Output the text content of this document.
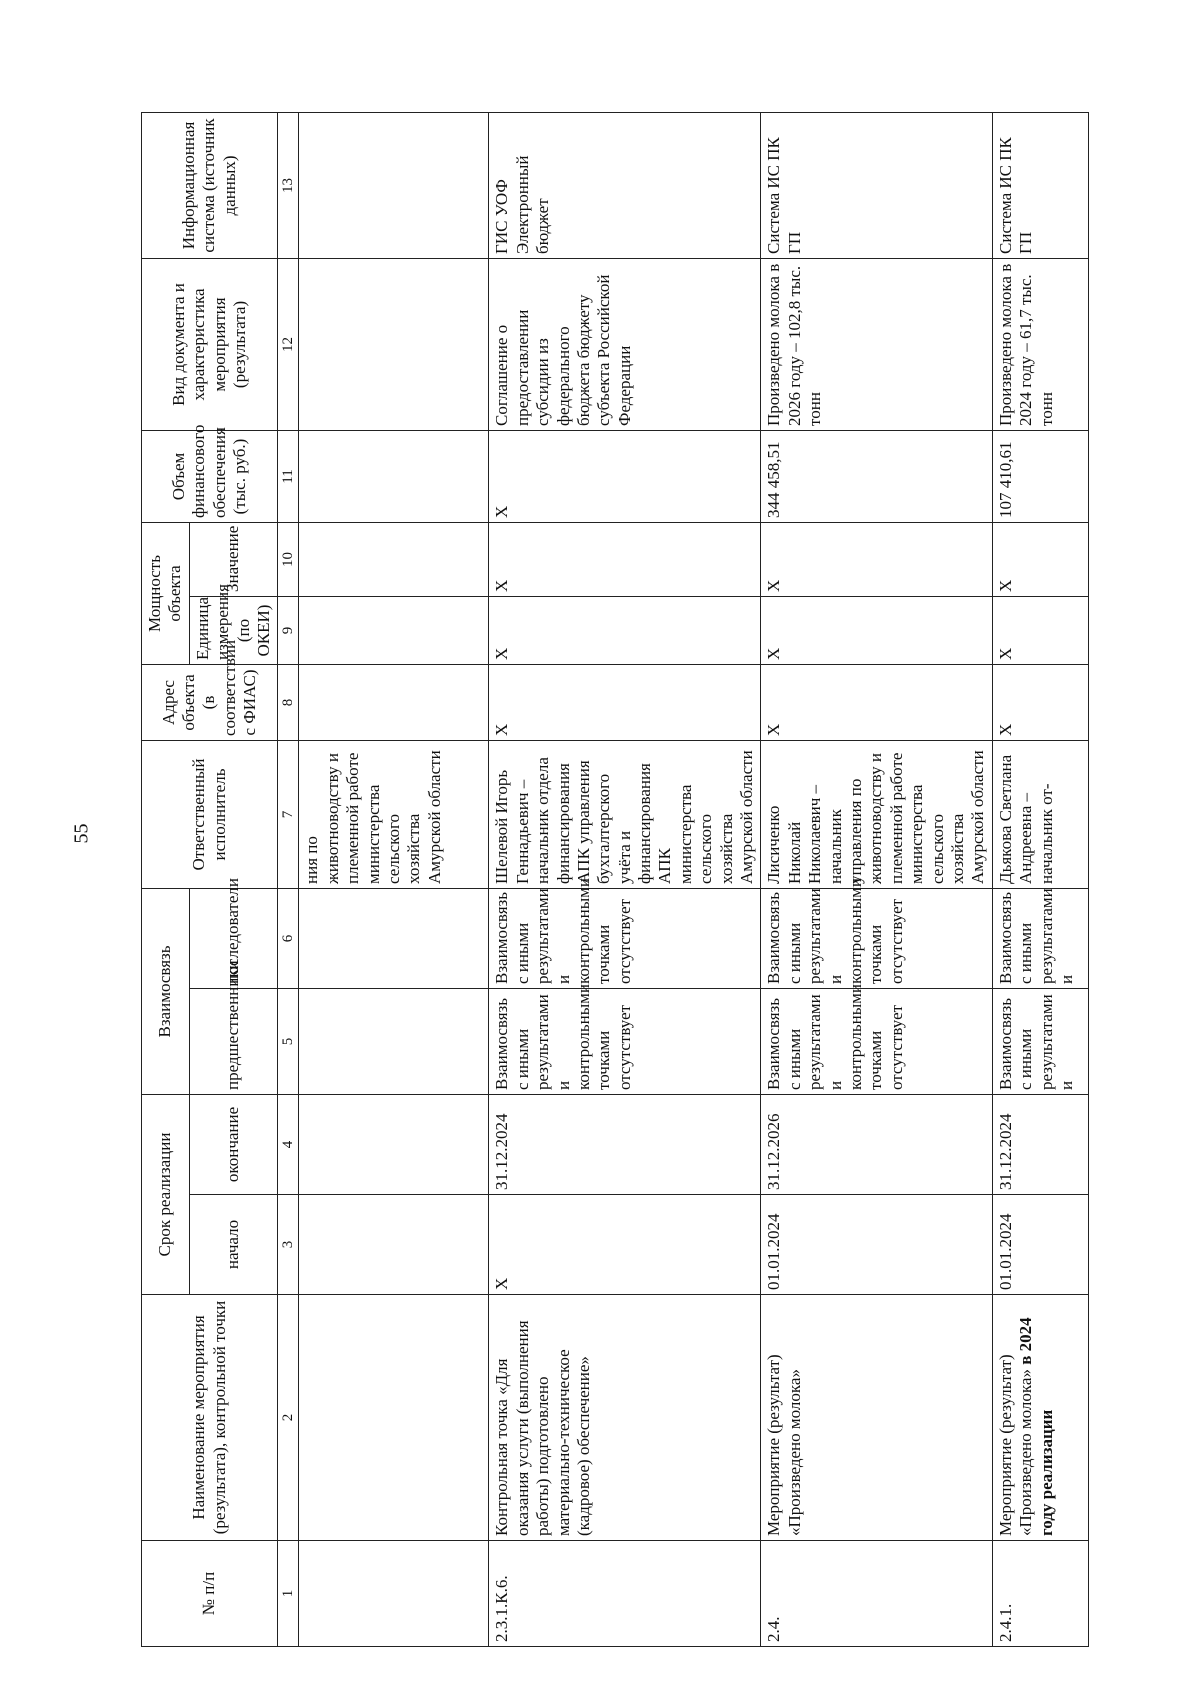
55
№ п/п	Наименование мероприятия (результата), контрольной точки	Срок реализации		Взаимосвязь		Ответственный исполнитель	Адрес объекта (в соответствии с ФИАС)	Мощность объекта		Объем финансового обеспечения (тыс. руб.)	Вид документа и характеристика мероприятия (результата)	Информационная система (источник данных)
		начало	окончание	предшественники	последователи			Единица измерения (по ОКЕИ)	Значение			
1	2	3	4	5	6	7	8	9	10	11	12	13
						ния по животноводству и племенной работе министерства сельского хозяйства Амурской области						
2.3.1.К.6.	Контрольная точка «Для оказания услуги (выполнения работы) подготовлено материально-техническое (кадровое) обеспечение»	X	31.12.2024	Взаимосвязь с иными результатами и контрольными точками отсутствует	Взаимосвязь с иными результатами и контрольными точками отсутствует	Шелевой Игорь Геннадьевич – начальник отдела финансирования АПК управления бухгалтерского учёта и финансирования АПК министерства сельского хозяйства Амурской области	X	X	X	X	Соглашение о предоставлении субсидии из федерального бюджета бюджету субъекта Российской Федерации	ГИС УОФ Электронный бюджет
2.4.	Мероприятие (результат) «Произведено молока»	01.01.2024	31.12.2026	Взаимосвязь с иными результатами и контрольными точками отсутствует	Взаимосвязь с иными результатами и контрольными точками отсутствует	Лисиченко Николай Николаевич – начальник управления по животноводству и племенной работе министерства сельского хозяйства Амурской области	X	X	X	344 458,51	Произведено молока в 2026 году – 102,8 тыс. тонн	Система ИС ПК ГП
2.4.1.	Мероприятие (результат) «Произведено молока» в 2024 году реализации	01.01.2024	31.12.2024	Взаимосвязь с иными результатами и	Взаимосвязь с иными результатами и	Дьякова Светлана Андреевна – начальник от-	X	X	X	107 410,61	Произведено молока в 2024 году – 61,7 тыс. тонн	Система ИС ПК ГП
